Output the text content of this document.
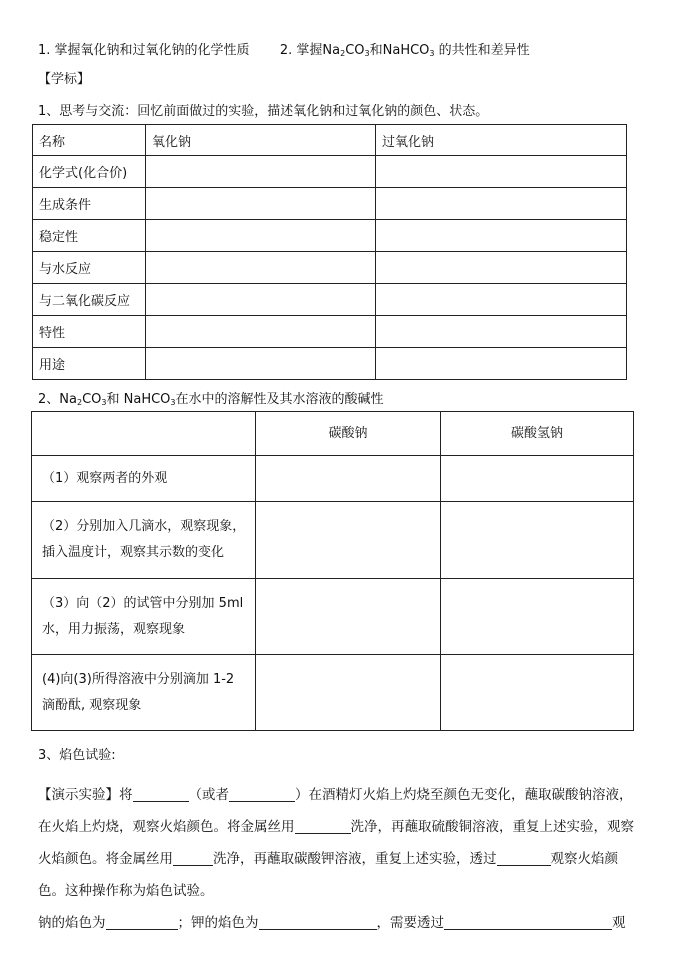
1. 掌握氧化钠和过氧化钠的化学性质 2. 掌握$Na_2CO_3$和NaHCO$_3$ 的共性和差异性
【学标】
1、思考与交流：回忆前面做过的实验，描述氧化钠和过氧化钠的颜色、状态。
名称	氧化钠	过氧化钠
化学式(化合价)		
生成条件		
稳定性		
与水反应		
与二氧化碳反应		
特性		
用途		
2、$Na_2CO_3$和 NaHCO$_3$在水中的溶解性及其水溶液的酸碱性
	碳酸钠	碳酸氢钠

（1）观察两者的外观		

（2）分别加入几滴水，观察现象，
插入温度计，观察其示数的变化		

（3）向（2）的试管中分别加 5ml
水，用力振荡，观察现象		

(4)向(3)所得溶液中分别滴加 1-2
滴酚酞, 观察现象		

3、焰色试验:
【演示实验】将	（或者	）在酒精灯火焰上灼烧至颜色无变化，蘸取碳酸钠溶液，
在火焰上灼烧，观察火焰颜色。将金属丝用	洗净，再蘸取硫酸铜溶液，重复上述实验，观察
火焰颜色。将金属丝用	洗净，再蘸取碳酸钾溶液，重复上述实验，透过	观察火焰颜
色。这种操作称为焰色试验。
钠的焰色为	；钾的焰色为	，需要透过	观
